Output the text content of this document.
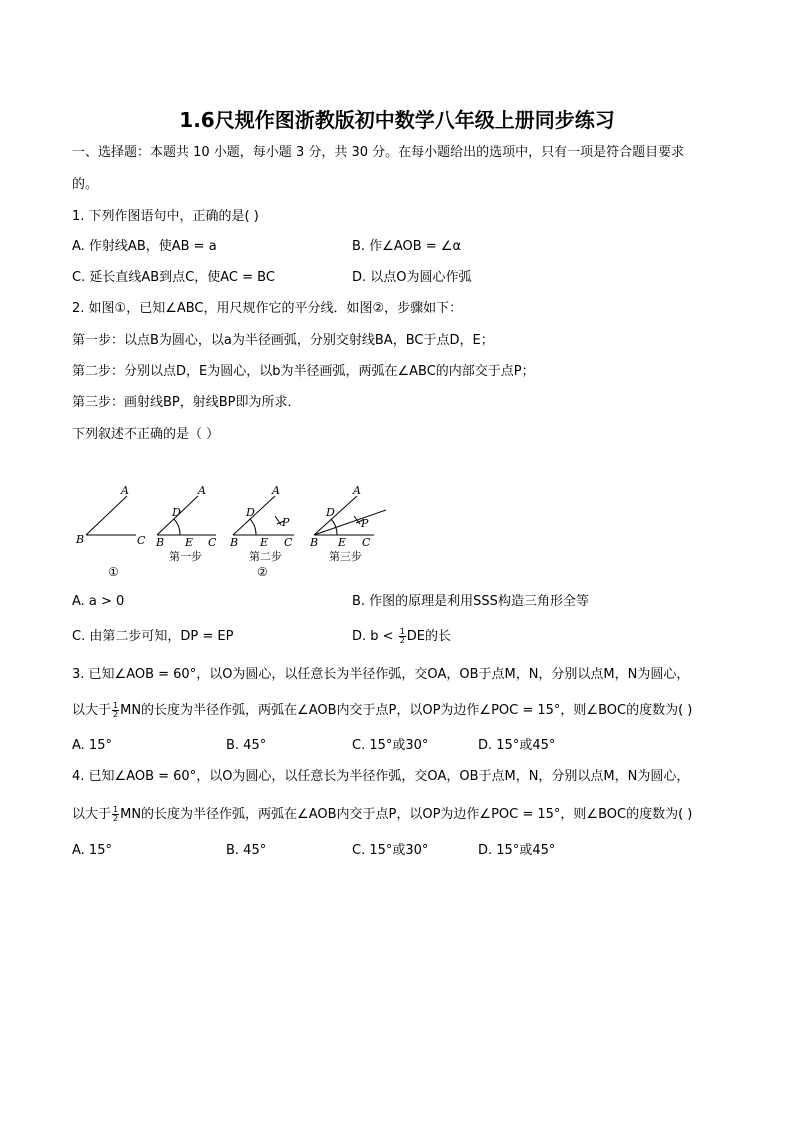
1.6尺规作图浙教版初中数学八年级上册同步练习
一、选择题：本题共 10 小题，每小题 3 分，共 30 分。在每小题给出的选项中，只有一项是符合题目要求
的。
1. 下列作图语句中，正确的是( )
A. 作射线AB，使AB = a	B. 作∠AOB = ∠α
C. 延长直线AB到点C，使AC = BC	D. 以点O为圆心作弧
2. 如图①，已知∠ABC，用尺规作它的平分线．如图②，步骤如下：
第一步：以点B为圆心，以a为半径画弧，分别交射线BA，BC于点D，E；
第二步：分别以点D，E为圆心，以b为半径画弧，两弧在∠ABC的内部交于点P；
第三步：画射线BP，射线BP即为所求．
下列叙述不正确的是（ ）
A
B	C
①
A
D
B E C
第一步
A
D
P
B E C
第二步
②
A
D
P
B E C
第三步
A. a > 0	B. 作图的原理是利用SSS构造三角形全等
C. 由第二步可知，DP = EP	D. $b < \frac{1}{2}$ DE的长
3. 已知∠AOB = 60°，以O为圆心，以任意长为半径作弧，交OA，OB于点M，N，分别以点M，N为圆心，
以大于 $\frac{1}{2}$ MN的长度为半径作弧，两弧在∠AOB内交于点P，以OP为边作∠POC = 15°，则∠BOC的度数为( )
A. 15°	B. 45°	C. 15°或30°	D. 15°或45°
4. 已知∠AOB = 60°，以O为圆心，以任意长为半径作弧，交OA，OB于点M，N，分别以点M，N为圆心，
以大于 $\frac{1}{2}$ MN的长度为半径作弧，两弧在∠AOB内交于点P，以OP为边作∠POC = 15°，则∠BOC的度数为( )
A. 15°	B. 45°	C. 15°或30°	D. 15°或45°
